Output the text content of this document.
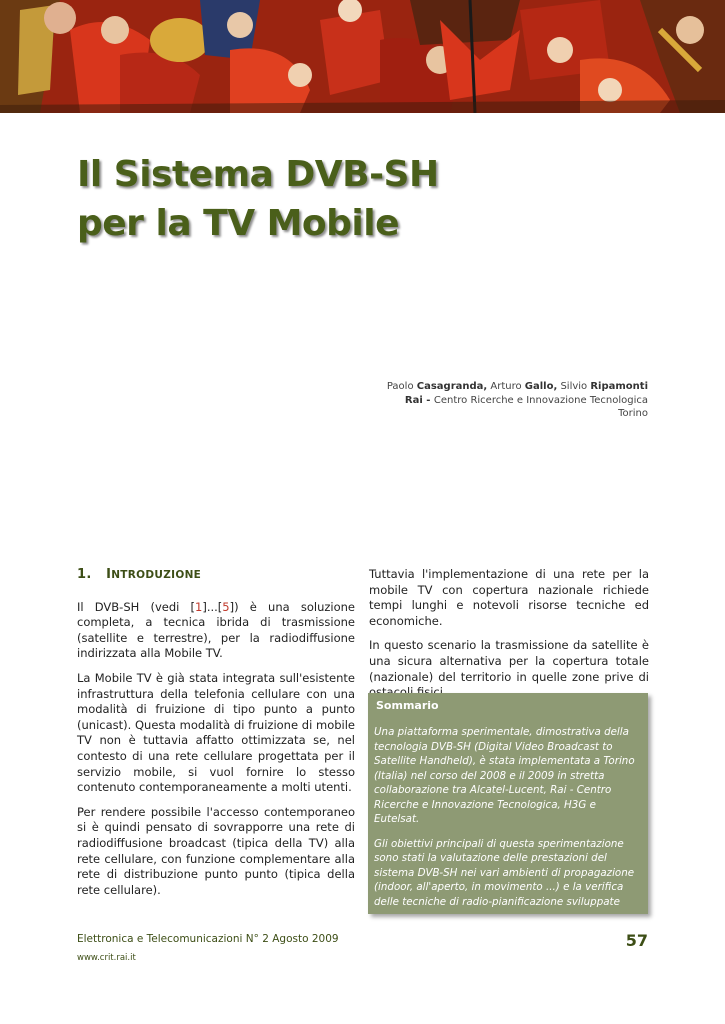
Il Sistema DVB-SH
per la TV Mobile
Paolo Casagranda, Arturo Gallo, Silvio Ripamonti
Rai - Centro Ricerche e Innovazione Tecnologica
Torino
1. INTRODUZIONE

Il DVB-SH (vedi [1]...[5]) è una soluzione completa, a tecnica ibrida di trasmissione (satellite e terrestre), per la radiodiffusione indirizzata alla Mobile TV.

La Mobile TV è già stata integrata sull'esistente infrastruttura della telefonia cellulare con una modalità di fruizione di tipo punto a punto (unicast). Questa modalità di fruizione di mobile TV non è tuttavia affatto ottimizzata se, nel contesto di una rete cellulare progettata per il servizio mobile, si vuol fornire lo stesso contenuto contemporaneamente a molti utenti.

Per rendere possibile l'accesso contemporaneo si è quindi pensato di sovrapporre una rete di radiodiffusione broadcast (tipica della TV) alla rete cellulare, con funzione complementare alla rete di distribuzione punto punto (tipica della rete cellulare).

Tuttavia l'implementazione di una rete per la mobile TV con copertura nazionale richiede tempi lunghi e notevoli risorse tecniche ed economiche.

In questo scenario la trasmissione da satellite è una sicura alternativa per la copertura totale (nazionale) del territorio in quelle zone prive di

Sommario

Una piattaforma sperimentale, dimostrativa della tecnologia DVB-SH (Digital Video Broadcast to Satellite Handheld), è stata implementata a Torino (Italia) nel corso del 2008 e il 2009 in stretta collaborazione tra Alcatel-Lucent, Rai - Centro Ricerche e Innovazione Tecnologica, H3G e Eutelsat.

Gli obiettivi principali di questa sperimentazione sono stati la valutazione delle prestazioni del sistema DVB-SH nei vari ambienti di propagazione (indoor, all'aperto, in movimento ...) e la verifica delle tecniche di radio-pianificazione sviluppate

Elettronica e Telecomunicazioni N° 2 Agosto 2009
www.crit.rai.it
57
